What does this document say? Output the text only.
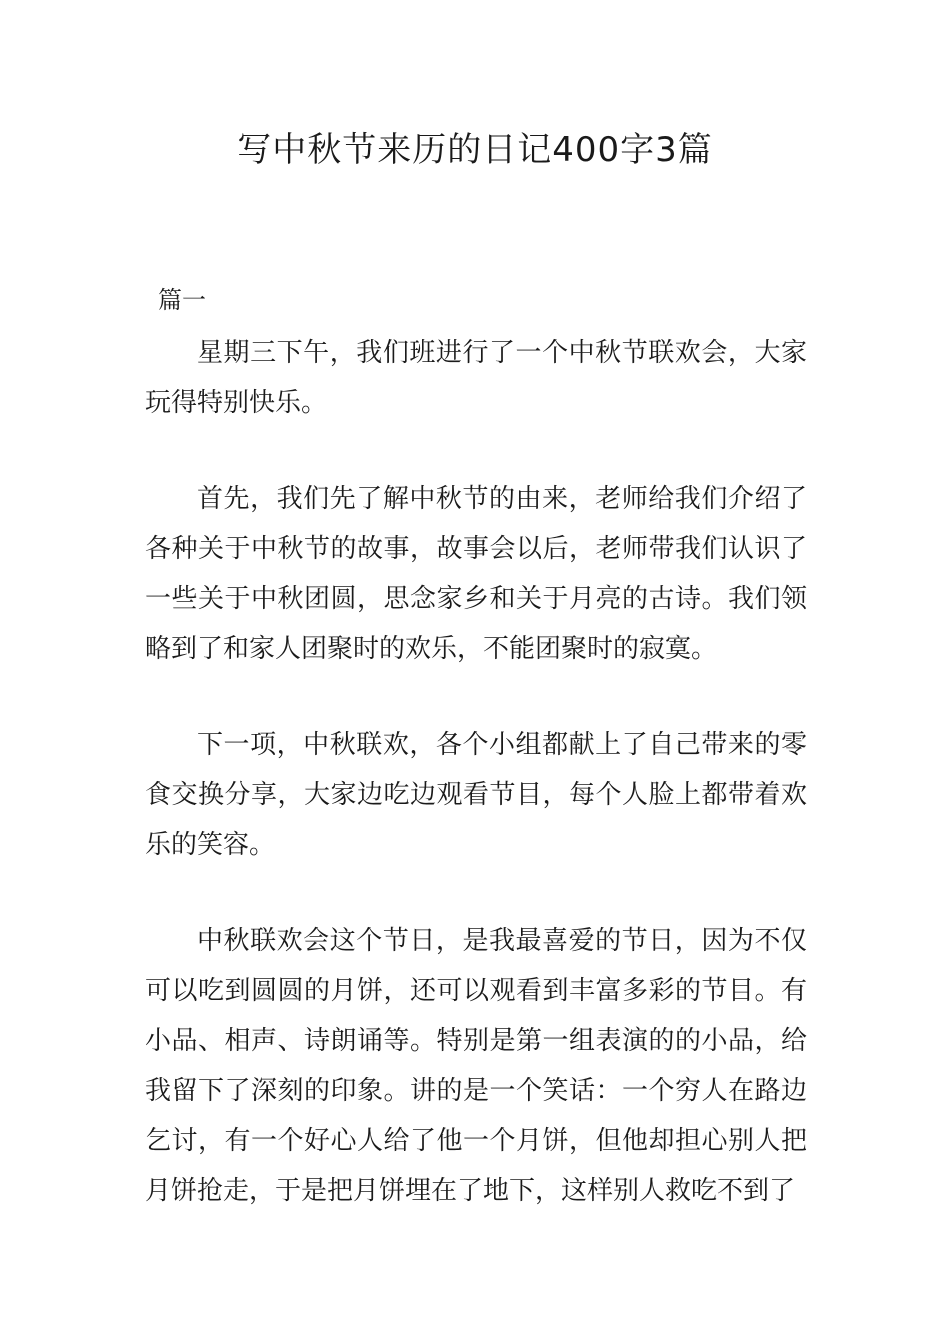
写中秋节来历的日记400字3篇

篇一

星期三下午，我们班进行了一个中秋节联欢会，大家玩得特别快乐。

首先，我们先了解中秋节的由来，老师给我们介绍了各种关于中秋节的故事，故事会以后，老师带我们认识了一些关于中秋团圆，思念家乡和关于月亮的古诗。我们领略到了和家人团聚时的欢乐，不能团聚时的寂寞。

下一项，中秋联欢，各个小组都献上了自己带来的零食交换分享，大家边吃边观看节目，每个人脸上都带着欢乐的笑容。

中秋联欢会这个节日，是我最喜爱的节日，因为不仅可以吃到圆圆的月饼，还可以观看到丰富多彩的节目。有小品、相声、诗朗诵等。特别是第一组表演的的小品，给我留下了深刻的印象。讲的是一个笑话：一个穷人在路边乞讨，有一个好心人给了他一个月饼，但他却担心别人把月饼抢走，于是把月饼埋在了地下，这样别人救吃不到了
